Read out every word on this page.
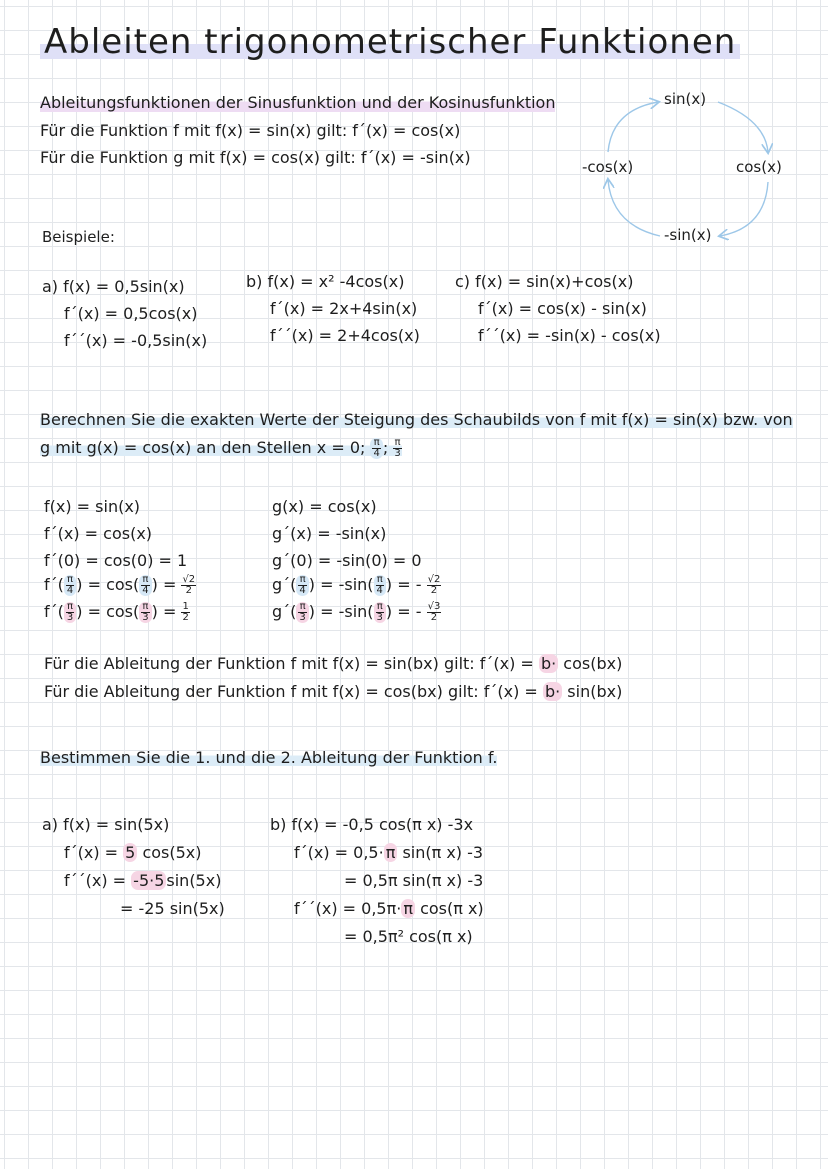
Ableiten trigonometrischer Funktionen
Ableitungsfunktionen der Sinusfunktion und der Kosinusfunktion
Für die Funktion f mit f(x) = sin(x) gilt: f´(x) = cos(x)
Für die Funktion g mit f(x) = cos(x) gilt: f´(x) = -sin(x)
sin(x)
cos(x)
-sin(x)
-cos(x)
Beispiele:
a) f(x) = 0,5sin(x)
f´(x) = 0,5cos(x)
f´´(x) = -0,5sin(x)
b) f(x) = x² -4cos(x)
f´(x) = 2x+4sin(x)
f´´(x) = 2+4cos(x)
c) f(x) = sin(x)+cos(x)
f´(x) = cos(x) - sin(x)
f´´(x) = -sin(x) - cos(x)
Berechnen Sie die exakten Werte der Steigung des Schaubilds von f mit f(x) = sin(x) bzw. von
g mit g(x) = cos(x) an den Stellen x = 0; $\frac{\pi}{4}$ ; $\frac{\pi}{3}$
f(x) = sin(x)
f´(x) = cos(x)
f´(0) = cos(0) = 1
f´( $\frac{\pi}{4}$ ) = $\cos( \frac{\pi}{4}$ ) = $\frac{√2}{2}$
f´( $\frac{\pi}{3}$ ) = $\cos( \frac{\pi}{3}$ ) = $\frac{1}{2}$
g(x) = cos(x)
g´(x) = -sin(x)
g´(0) = -sin(0) = 0
g´( $\frac{\pi}{4}$ ) = $-\sin( \frac{\pi}{4}$ ) = - $\frac{√2}{2}$
g´( $\frac{\pi}{3}$ ) = $-\sin( \frac{\pi}{3}$ ) = - $\frac{√3}{2}$
Für die Ableitung der Funktion f mit f(x) = sin(bx) gilt: f´(x) = b· cos(bx)
Für die Ableitung der Funktion f mit f(x) = cos(bx) gilt: f´(x) = b· sin(bx)
Bestimmen Sie die 1. und die 2. Ableitung der Funktion f.
a) f(x) = sin(5x)
f´(x) = 5 cos(5x)
f´´(x) = -5·5 sin(5x)
= -25 sin(5x)
b) f(x) = -0,5 cos(π x) -3x
f´(x) = 0,5· π sin(π x) -3
= 0,5π sin(π x) -3
f´´(x) = 0,5π· π cos(π x)
= 0,5π² cos(π x)
